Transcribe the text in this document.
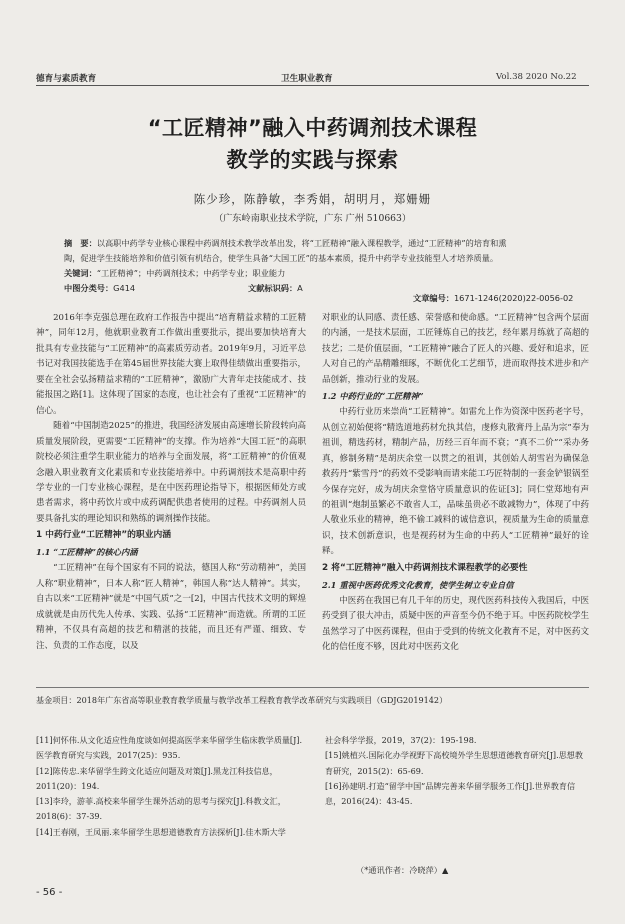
德育与素质教育	卫生职业教育	Vol.38 2020 No.22
“工匠精神”融入中药调剂技术课程
教学的实践与探索
陈少珍，陈静敏，李秀娟，胡明月，郑姗姗
（广东岭南职业技术学院，广东 广州 510663）
摘　要：以高职中药学专业核心课程中药调剂技术教学改革出发，将“工匠精神”融入课程教学，通过“工匠精神”的培育和熏
陶，促进学生技能培养和价值引领有机结合，使学生具备“大国工匠”的基本素质，提升中药学专业技能型人才培养质量。
关键词：“工匠精神”；中药调剂技术；中药学专业；职业能力
中图分类号：G414	文献标识码：A
文章编号：1671-1246(2020)22-0056-02

2016年李克强总理在政府工作报告中提出“培育精益求精的工匠精神”，同年12月，他就职业教育工作做出重要批示，提出要加快培育大批具有专业技能与“工匠精神”的高素质劳动者。2019年9月，习近平总书记对我国技能选手在第45届世界技能大赛上取得佳绩做出重要指示，要在全社会弘扬精益求精的“工匠精神”，激励广大青年走技能成才、技能报国之路[1]。这体现了国家的态度，也让社会有了重视“工匠精神”的信心。

随着“中国制造2025”的推进，我国经济发展由高速增长阶段转向高质量发展阶段，更需要“工匠精神”的支撑。作为培养“大国工匠”的高职院校必须注重学生职业能力的培养与全面发展，将“工匠精神”的价值观念融入职业教育文化素质和专业技能培养中。中药调剂技术是高职中药学专业的一门专业核心课程，是在中医药理论指导下，根据医师处方或患者需求，将中药饮片或中成药调配供患者使用的过程。中药调剂人员要具备扎实的理论知识和熟练的调剂操作技能。

1 中药行业“工匠精神”的职业内涵
1.1 “工匠精神”的核心内涵

“工匠精神”在每个国家有不同的说法，德国人称“劳动精神”，美国人称“职业精神”，日本人称“匠人精神”，韩国人称“达人精神”。其实，自古以来“工匠精神”就是“中国气质”之一[2]，中国古代技术文明的辉煌成就就是由历代先人传承、实践、弘扬“工匠精神”而造就。所谓的工匠精神，不仅具有高超的技艺和精湛的技能，而且还有严谨、细致、专注、负责的工作态度，以及

对职业的认同感、责任感、荣誉感和使命感。“工匠精神”包含两个层面的内涵，一是技术层面，工匠锤炼自己的技艺，经年累月练就了高超的技艺；二是价值层面，“工匠精神”融合了匠人的兴趣、爱好和追求，匠人对自己的产品精雕细琢，不断优化工艺细节，进而取得技术进步和产品创新，推动行业的发展。

1.2 中药行业的“工匠精神”

中药行业历来崇尚“工匠精神”。如雷允上作为资深中医药老字号，从创立初始便将“精选道地药材允执其信，虔修丸散膏丹上品为宗”奉为祖训，精选药材，精制产品，历经三百年而不衰；“真不二价”“采办务真，修制务精”是胡庆余堂一以贯之的祖训，其创始人胡雪岩为确保急救药丹“紫雪丹”的药效不受影响而请来能工巧匠特制的一套金铲银锅至今保存完好，成为胡庆余堂恪守质量意识的佐证[3]；同仁堂郑地有声的祖训“炮制虽繁必不敢省人工，品味虽贵必不敢减物力”，体现了中药人敬业乐业的精神，绝不偷工减料的诚信意识，视质量为生命的质量意识，技术创新意识，也是视药材为生命的中药人“工匠精神”最好的诠释。

2 将“工匠精神”融入中药调剂技术课程教学的必要性
2.1 重视中医药优秀文化教育，使学生树立专业自信

中医药在我国已有几千年的历史，现代医药科技传入我国后，中医药受到了很大冲击，质疑中医的声音至今仍不绝于耳。中医药院校学生虽然学习了中医药课程，但由于受到的传统文化教育不足，对中医药文化的信任度不够，因此对中医药文化

基金项目：2018年广东省高等职业教育教学质量与教学改革工程教育教学改革研究与实践项目（GDJG2019142）
[11]何怀伟.从文化适应性角度谈如何提高医学来华留学生临床教学质量[J].医学教育研究与实践，2017(25)：935.
[12]陈传忠.来华留学生跨文化适应问题及对策[J].黑龙江科技信息，2011(20)：194.
[13]李玲，游菲.高校来华留学生课外活动的思考与探究[J].科教文汇，2018(6)：37-39.
[14]王春刚，王凤丽.来华留学生思想道德教育方法探析[J].佳木斯大学
社会科学学报，2019，37(2)：195-198.
[15]姚植兴.国际化办学视野下高校境外学生思想道德教育研究[J].思想教育研究，2015(2)：65-69.
[16]孙建明.打造“留学中国”品牌完善来华留学服务工作[J].世界教育信息，2016(24)：43-45.
（*通讯作者：冷晓萍）▲
- 56 -
